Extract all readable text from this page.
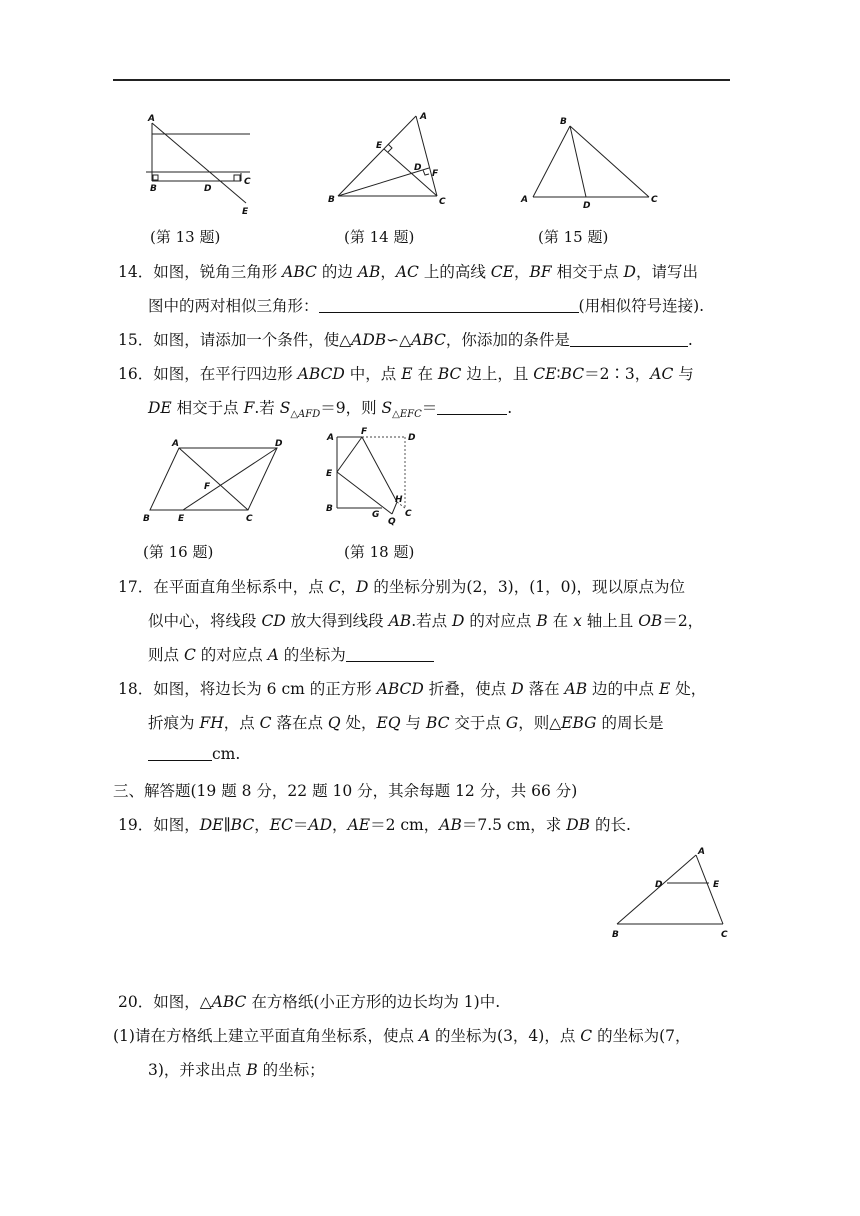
A
B	D
C
E
A
E
D
F
B	C
B
A
D
C
(第 13 题)	(第 14 题)	(第 15 题)
14．如图，锐角三角形 ABC 的边 AB，AC 上的高线 CE，BF 相交于点 D，请写出
图中的两对相似三角形：	(用相似符号连接).
15．如图，请添加一个条件，使△ADB∽△ABC，你添加的条件是	.
16．如图，在平行四边形 ABCD 中，点 E 在 BC 边上，且 CE∶BC＝2∶3，AC 与
DE 相交于点 F.若 $S_{\triangle AFD}=9$，则 $S_{\triangle EFC}=$	.
A	D
F
B	E	C
A
F
D
E
H
B
G
Q
C
(第 16 题)	(第 18 题)
17．在平面直角坐标系中，点 C，D 的坐标分别为(2，3)，(1，0)，现以原点为位
似中心，将线段 CD 放大得到线段 AB.若点 D 的对应点 B 在 x 轴上且 OB＝2，
则点 C 的对应点 A 的坐标为
18．如图，将边长为 6 cm 的正方形 ABCD 折叠，使点 D 落在 AB 边的中点 E 处，
折痕为 FH，点 C 落在点 Q 处，EQ 与 BC 交于点 G，则△EBG 的周长是
cm.
三、解答题(19 题 8 分，22 题 10 分，其余每题 12 分，共 66 分)
19．如图，DE∥BC，EC＝AD，AE＝2 cm，AB＝7.5 cm，求 DB 的长.
A
D	E
B	C
20．如图，△ABC 在方格纸(小正方形的边长均为 1)中.
(1)请在方格纸上建立平面直角坐标系，使点 A 的坐标为(3，4)，点 C 的坐标为(7，
3)，并求出点 B 的坐标；
